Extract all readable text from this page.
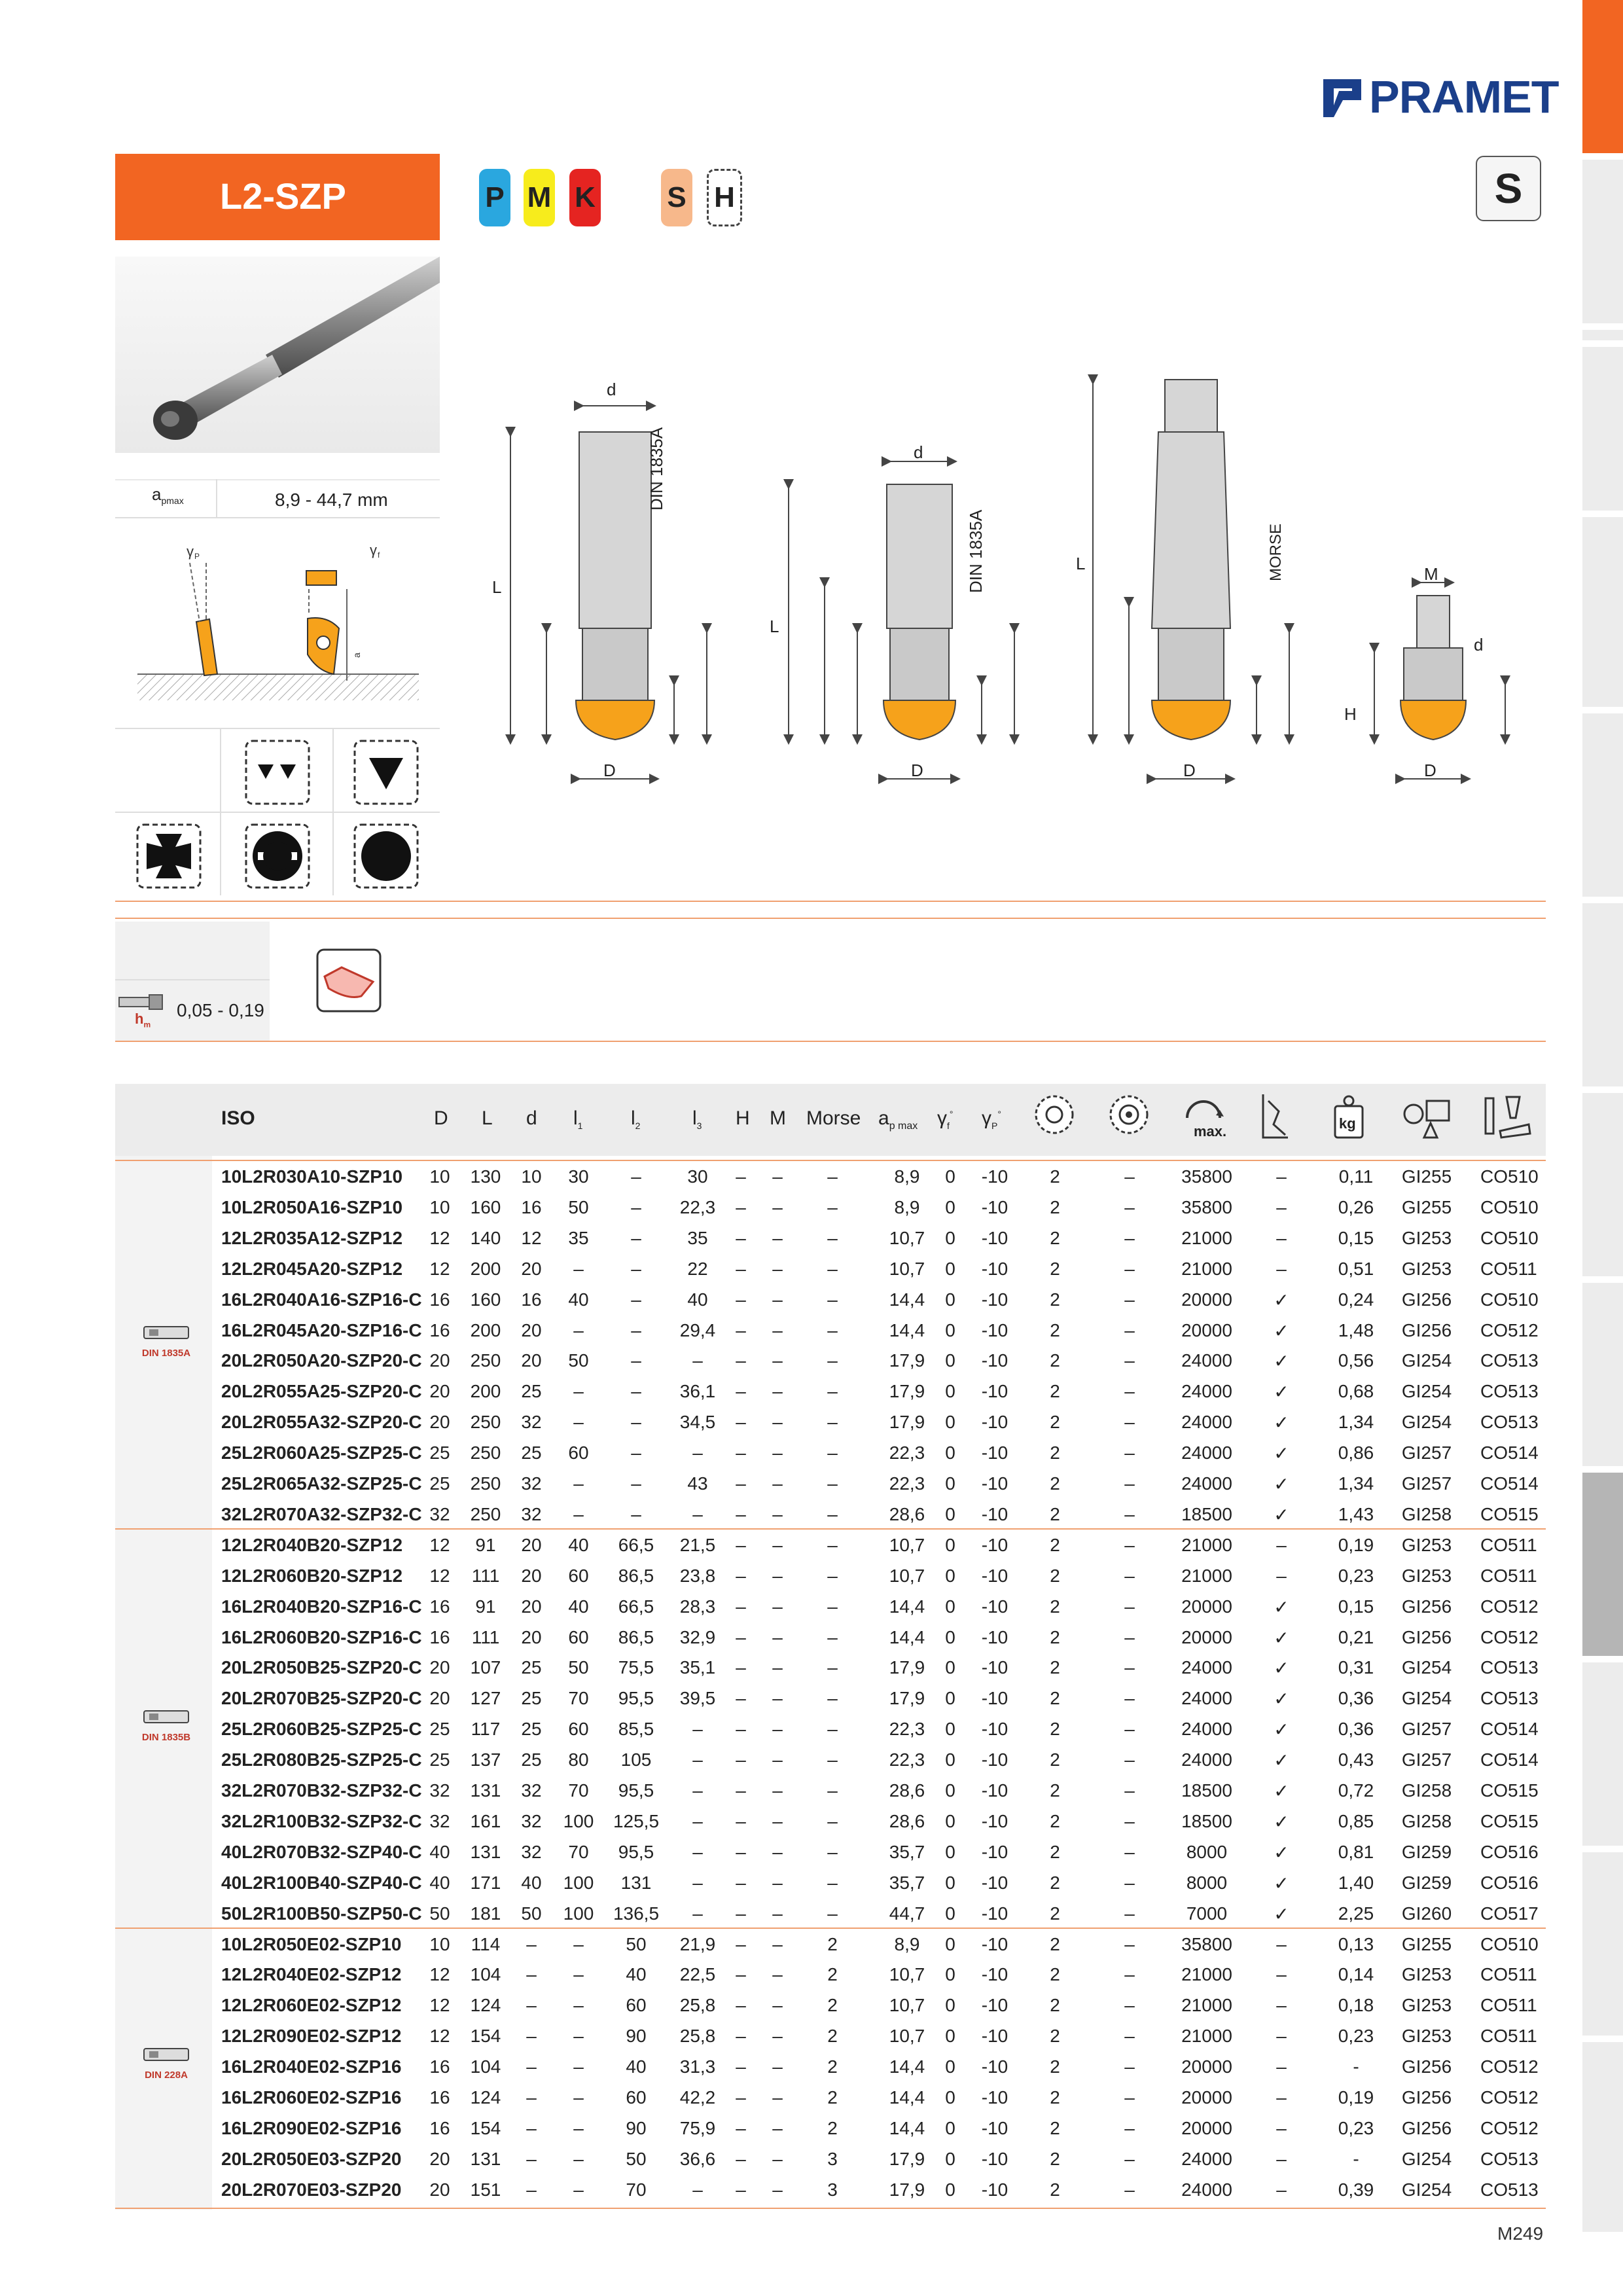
PRAMET
L2-SZP	P M K S H	S
$a_{pmax}$	8,9 - 44,7 mm
γ P	γ f
a
$h_m$
0,05 - 0,19
d
L
D
DIN 1835A	d
L
D
DIN 1835A	L	MORSE
D
M
d
H
D
ISO	D L d $l_1$ $l_2$	$l_3$ H M Morse $a_{p max}$ $\gamma_f^\circ$ $\gamma_P^\circ$
max.	kg
10L2R030A10-SZP10	10	130	10	30	–	30	–	–	–	8,9	0	-10	2	–	35800	–	0,11	GI255 CO510
10L2R050A16-SZP10	10	160	16	50	–	22,3	–	–	–	8,9	0	-10	2	–	35800	–	0,26	GI255 CO510
12L2R035A12-SZP12	12	140	12	35	–	35	–	–	–	10,7	0	-10	2	–	21000	–	0,15	GI253 CO510
12L2R045A20-SZP12	12	200	20	–	–	22	–	–	–	10,7	0	-10	2	–	21000	–	0,51	GI253 CO511
16L2R040A16-SZP16-C 16	160	16	40	–	40	–	–	–	14,4	0	-10	2	–	20000	✓	0,24	GI256 CO510
16L2R045A20-SZP16-C 16	200	20	–	–	29,4	–	–	–	14,4	0	-10	2	–	20000	✓	1,48	GI256 CO512
20L2R050A20-SZP20-C 20	250	20	50	–	–	–	–	–	17,9	0	-10	2	–	24000	✓	0,56	GI254 CO513
20L2R055A25-SZP20-C 20	200	25	–	–	36,1	–	–	–	17,9	0	-10	2	–	24000	✓	0,68	GI254 CO513
20L2R055A32-SZP20-C 20	250	32	–	–	34,5	–	–	–	17,9	0	-10	2	–	24000	✓	1,34	GI254 CO513
25L2R060A25-SZP25-C 25	250	25	60	–	–	–	–	–	22,3	0	-10	2	–	24000	✓	0,86	GI257 CO514
25L2R065A32-SZP25-C 25	250	32	–	–	43	–	–	–	22,3	0	-10	2	–	24000	✓	1,34	GI257 CO514
32L2R070A32-SZP32-C 32	250	32	–	–	–	–	–	–	28,6	0	-10	2	–	18500	✓	1,43	GI258 CO515
DIN 1835A
12L2R040B20-SZP12	12	91	20	40	66,5	21,5	–	–	–	10,7	0	-10	2	–	21000	–	0,19	GI253 CO511
12L2R060B20-SZP12	12	111	20	60	86,5	23,8	–	–	–	10,7	0	-10	2	–	21000	–	0,23	GI253 CO511
16L2R040B20-SZP16-C 16	91	20	40	66,5	28,3	–	–	–	14,4	0	-10	2	–	20000	✓	0,15	GI256 CO512
16L2R060B20-SZP16-C 16	111	20	60	86,5	32,9	–	–	–	14,4	0	-10	2	–	20000	✓	0,21	GI256 CO512
20L2R050B25-SZP20-C 20	107	25	50	75,5	35,1	–	–	–	17,9	0	-10	2	–	24000	✓	0,31	GI254 CO513
20L2R070B25-SZP20-C 20	127	25	70	95,5	39,5	–	–	–	17,9	0	-10	2	–	24000	✓	0,36	GI254 CO513
25L2R060B25-SZP25-C 25	117	25	60	85,5	–	–	–	–	22,3	0	-10	2	–	24000	✓	0,36	GI257 CO514
25L2R080B25-SZP25-C 25	137	25	80	105	–	–	–	–	22,3	0	-10	2	–	24000	✓	0,43	GI257 CO514
32L2R070B32-SZP32-C 32	131	32	70	95,5	–	–	–	–	28,6	0	-10	2	–	18500	✓	0,72	GI258 CO515
32L2R100B32-SZP32-C 32	161	32	100	125,5	–	–	–	–	28,6	0	-10	2	–	18500	✓	0,85	GI258 CO515
40L2R070B32-SZP40-C 40	131	32	70	95,5	–	–	–	–	35,7	0	-10	2	–	8000	✓	0,81	GI259 CO516
40L2R100B40-SZP40-C 40	171	40	100	131	–	–	–	–	35,7	0	-10	2	–	8000	✓	1,40	GI259 CO516
50L2R100B50-SZP50-C 50	181	50	100	136,5	–	–	–	–	44,7	0	-10	2	–	7000	✓	2,25	GI260 CO517
DIN 1835B
10L2R050E02-SZP10	10	114	–	–	50	21,9	–	–	2	8,9	0	-10	2	–	35800	–	0,13	GI255 CO510
12L2R040E02-SZP12	12	104	–	–	40	22,5	–	–	2	10,7	0	-10	2	–	21000	–	0,14	GI253 CO511
12L2R060E02-SZP12	12	124	–	–	60	25,8	–	–	2	10,7	0	-10	2	–	21000	–	0,18	GI253 CO511
12L2R090E02-SZP12	12	154	–	–	90	25,8	–	–	2	10,7	0	-10	2	–	21000	–	0,23	GI253 CO511
16L2R040E02-SZP16	16	104	–	–	40	31,3	–	–	2	14,4	0	-10	2	–	20000	–	-	GI256 CO512
16L2R060E02-SZP16	16	124	–	–	60	42,2	–	–	2	14,4	0	-10	2	–	20000	–	0,19	GI256 CO512
16L2R090E02-SZP16	16	154	–	–	90	75,9	–	–	2	14,4	0	-10	2	–	20000	–	0,23	GI256 CO512
20L2R050E03-SZP20	20	131	–	–	50	36,6	–	–	3	17,9	0	-10	2	–	24000	–	-	GI254 CO513
20L2R070E03-SZP20	20	151	–	–	70	–	–	–	3	17,9	0	-10	2	–	24000	–	0,39	GI254 CO513
DIN 228A
M249
